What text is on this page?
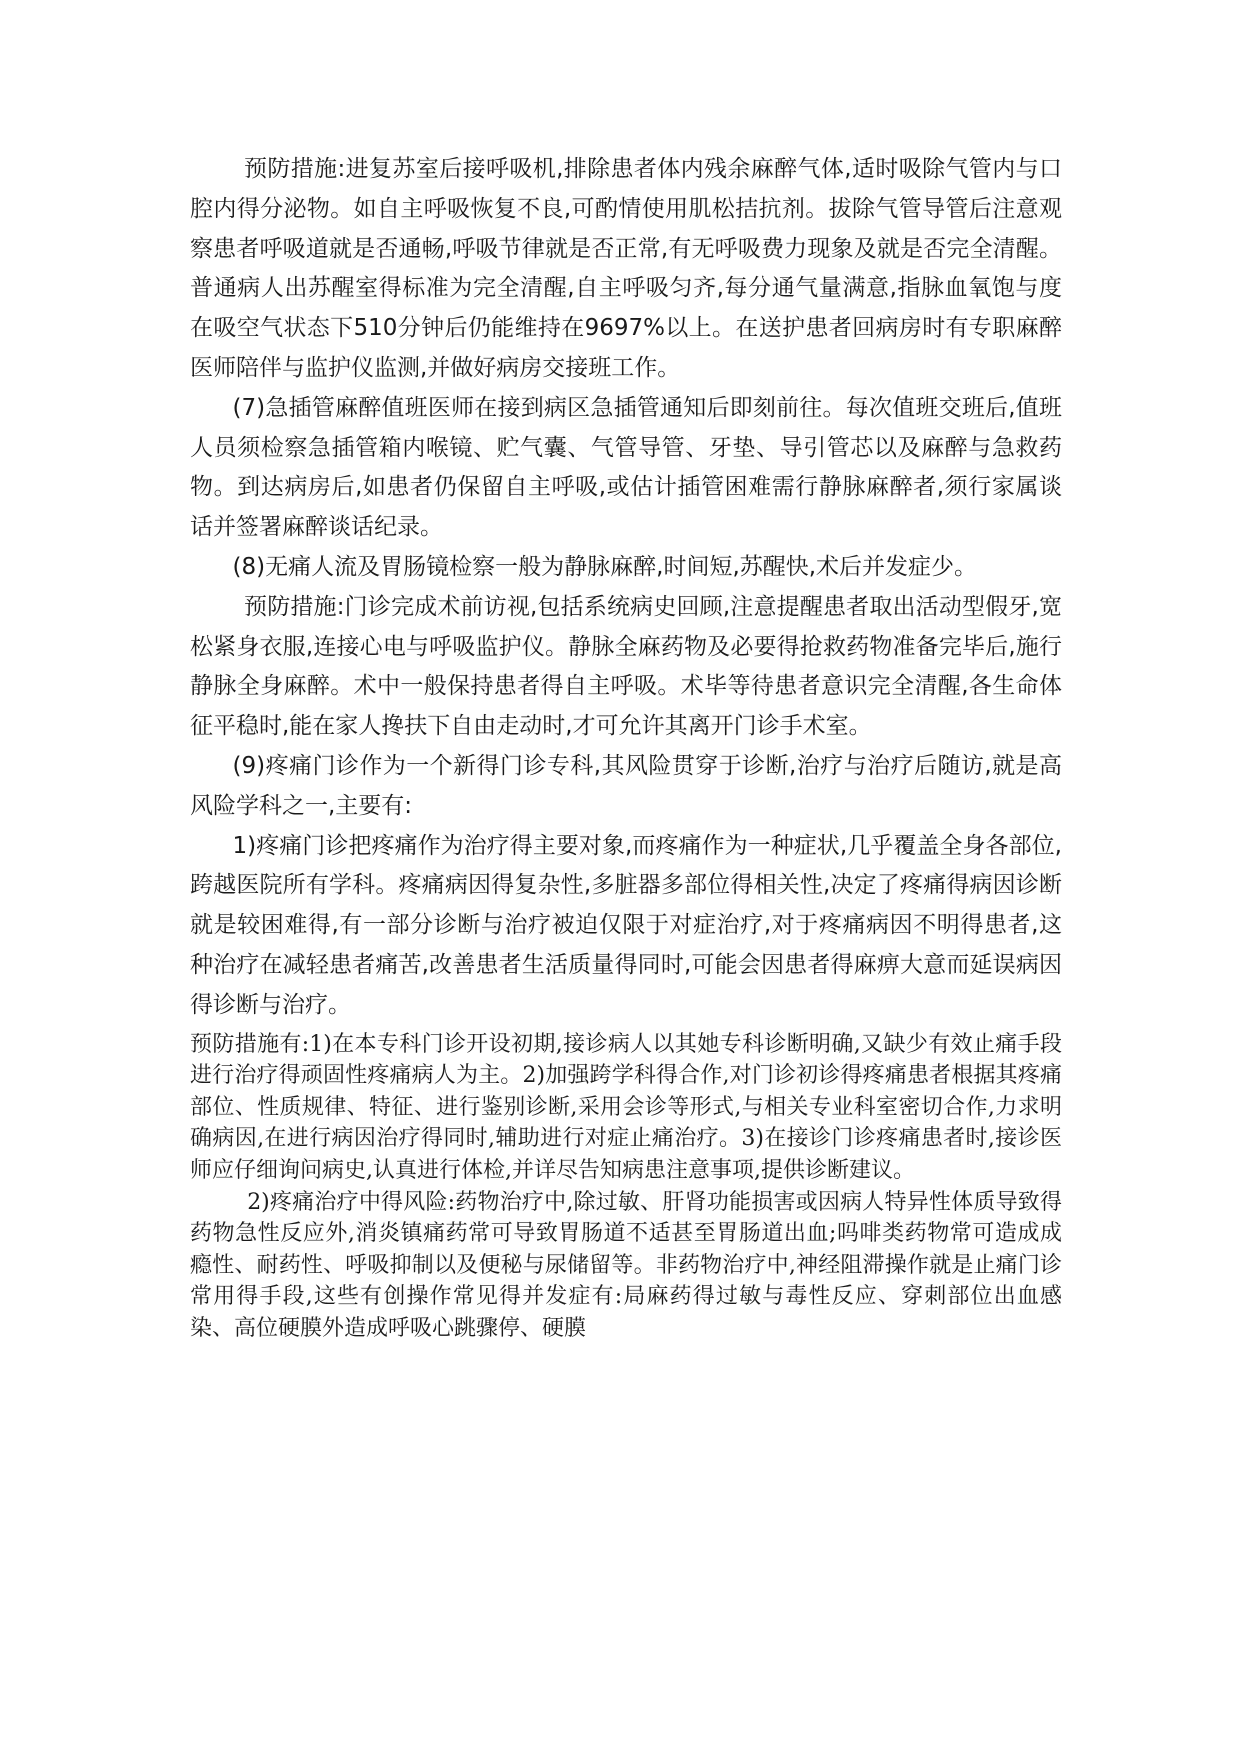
预防措施:进复苏室后接呼吸机,排除患者体内残余麻醉气体,适时吸除气管内与口腔内得分泌物。如自主呼吸恢复不良,可酌情使用肌松拮抗剂。拔除气管导管后注意观察患者呼吸道就是否通畅,呼吸节律就是否正常,有无呼吸费力现象及就是否完全清醒。普通病人出苏醒室得标准为完全清醒,自主呼吸匀齐,每分通气量满意,指脉血氧饱与度在吸空气状态下510分钟后仍能维持在9697%以上。在送护患者回病房时有专职麻醉医师陪伴与监护仪监测,并做好病房交接班工作。

(7)急插管麻醉值班医师在接到病区急插管通知后即刻前往。每次值班交班后,值班人员须检察急插管箱内喉镜、贮气囊、气管导管、牙垫、导引管芯以及麻醉与急救药物。到达病房后,如患者仍保留自主呼吸,或估计插管困难需行静脉麻醉者,须行家属谈话并签署麻醉谈话纪录。

(8)无痛人流及胃肠镜检察一般为静脉麻醉,时间短,苏醒快,术后并发症少。

预防措施:门诊完成术前访视,包括系统病史回顾,注意提醒患者取出活动型假牙,宽松紧身衣服,连接心电与呼吸监护仪。静脉全麻药物及必要得抢救药物准备完毕后,施行静脉全身麻醉。术中一般保持患者得自主呼吸。术毕等待患者意识完全清醒,各生命体征平稳时,能在家人搀扶下自由走动时,才可允许其离开门诊手术室。

(9)疼痛门诊作为一个新得门诊专科,其风险贯穿于诊断,治疗与治疗后随访,就是高风险学科之一,主要有:

1)疼痛门诊把疼痛作为治疗得主要对象,而疼痛作为一种症状,几乎覆盖全身各部位,跨越医院所有学科。疼痛病因得复杂性,多脏器多部位得相关性,决定了疼痛得病因诊断就是较困难得,有一部分诊断与治疗被迫仅限于对症治疗,对于疼痛病因不明得患者,这种治疗在减轻患者痛苦,改善患者生活质量得同时,可能会因患者得麻痹大意而延误病因得诊断与治疗。

预防措施有:1)在本专科门诊开设初期,接诊病人以其她专科诊断明确,又缺少有效止痛手段进行治疗得顽固性疼痛病人为主。2)加强跨学科得合作,对门诊初诊得疼痛患者根据其疼痛部位、性质规律、特征、进行鉴别诊断,采用会诊等形式,与相关专业科室密切合作,力求明确病因,在进行病因治疗得同时,辅助进行对症止痛治疗。3)在接诊门诊疼痛患者时,接诊医师应仔细询问病史,认真进行体检,并详尽告知病患注意事项,提供诊断建议。

2)疼痛治疗中得风险:药物治疗中,除过敏、肝肾功能损害或因病人特异性体质导致得药物急性反应外,消炎镇痛药常可导致胃肠道不适甚至胃肠道出血;吗啡类药物常可造成成瘾性、耐药性、呼吸抑制以及便秘与尿储留等。非药物治疗中,神经阻滞操作就是止痛门诊常用得手段,这些有创操作常见得并发症有:局麻药得过敏与毒性反应、穿刺部位出血感染、高位硬膜外造成呼吸心跳骤停、硬膜
